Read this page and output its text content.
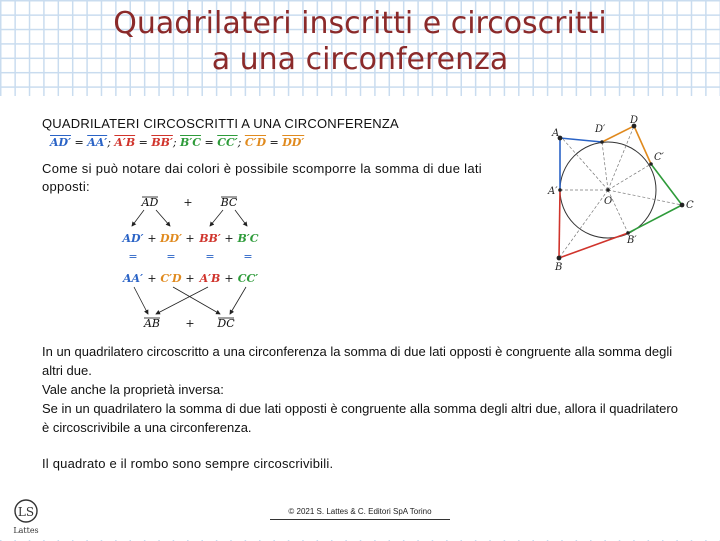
Quadrilateri inscritti e circoscritti
a una circonferenza
QUADRILATERI CIRCOSCRITTI A UNA CIRCONFERENZA
AD′ = AA′; A′B = BB′; B′C = CC′; C′D = DD′
Come si può notare dai colori è possibile scomporre la somma di due lati
opposti:
AD +	BC
AD′ + DD′ + BB′ + B′C
=	=	=	=
AA′ + C′D + A′B + CC′
AB + DC

In un quadrilatero circoscritto a una circonferenza la somma di due lati opposti è congruente alla somma degli altri due.

Vale anche la proprietà inversa:

Se in un quadrilatero la somma di due lati opposti è congruente alla somma degli altri due, allora il quadrilatero è circoscrivibile a una circonferenza.

Il quadrato e il rombo sono sempre circoscrivibili.
A
D
C
B
O
D′
C′
B′
A′
LS
Lattes
© 2021 S. Lattes & C. Editori SpA Torino
